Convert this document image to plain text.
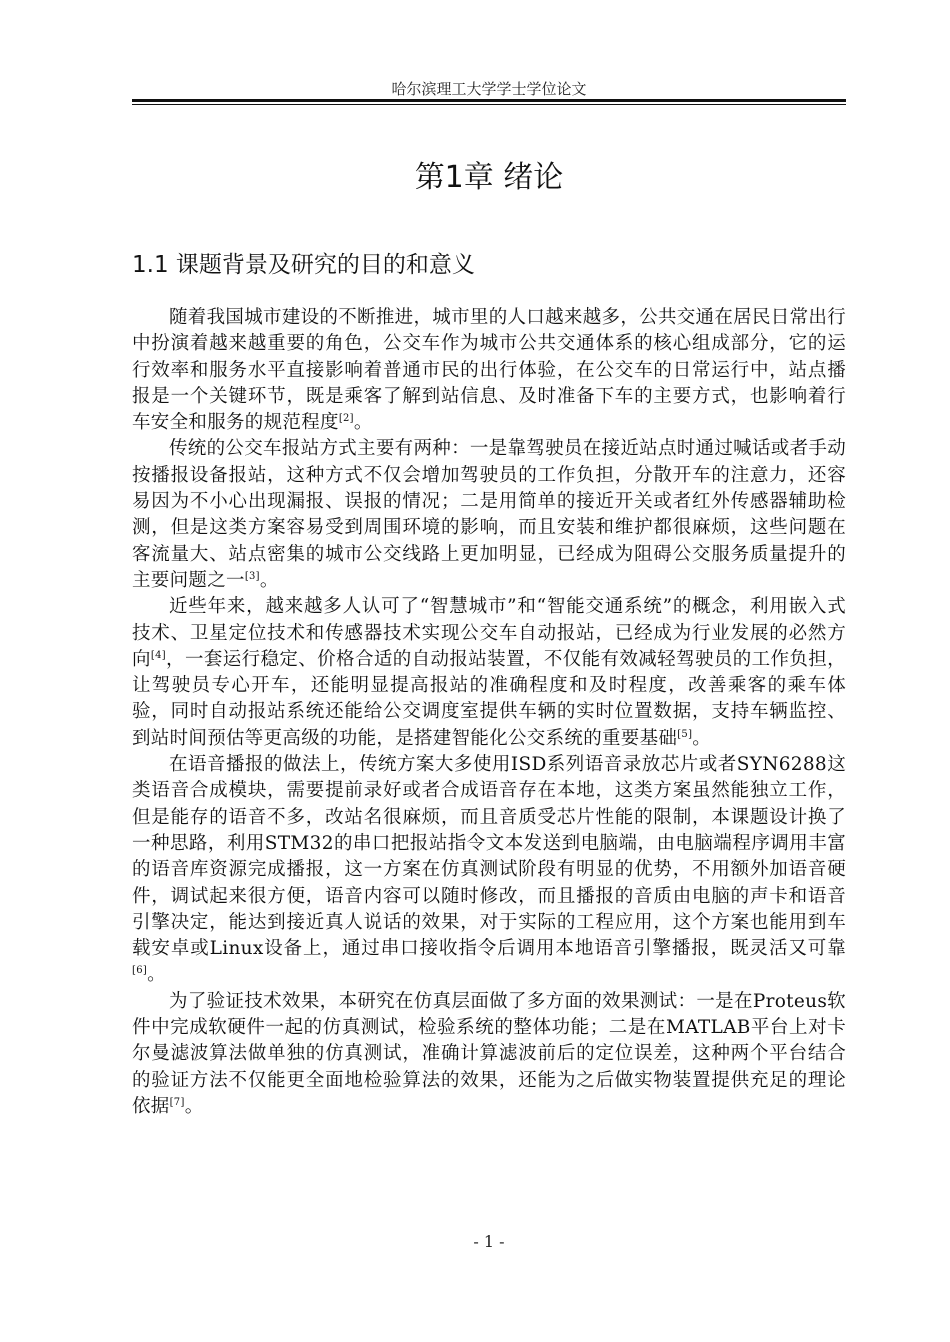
哈尔滨理工大学学士学位论文
第1章 绪论
1.1 课题背景及研究的目的和意义

随着我国城市建设的不断推进，城市里的人口越来越多，公共交通在居民日常出行中扮演着越来越重要的角色，公交车作为城市公共交通体系的核心组成部分，它的运行效率和服务水平直接影响着普通市民的出行体验，在公交车的日常运行中，站点播报是一个关键环节，既是乘客了解到站信息、及时准备下车的主要方式，也影响着行车安全和服务的规范程度[2]。

传统的公交车报站方式主要有两种：一是靠驾驶员在接近站点时通过喊话或者手动按播报设备报站，这种方式不仅会增加驾驶员的工作负担，分散开车的注意力，还容易因为不小心出现漏报、误报的情况；二是用简单的接近开关或者红外传感器辅助检测，但是这类方案容易受到周围环境的影响，而且安装和维护都很麻烦，这些问题在客流量大、站点密集的城市公交线路上更加明显，已经成为阻碍公交服务质量提升的主要问题之一[3]。

近些年来，越来越多人认可了“智慧城市”和“智能交通系统”的概念，利用嵌入式技术、卫星定位技术和传感器技术实现公交车自动报站，已经成为行业发展的必然方向[4]，一套运行稳定、价格合适的自动报站装置，不仅能有效减轻驾驶员的工作负担，让驾驶员专心开车，还能明显提高报站的准确程度和及时程度，改善乘客的乘车体验，同时自动报站系统还能给公交调度室提供车辆的实时位置数据，支持车辆监控、到站时间预估等更高级的功能，是搭建智能化公交系统的重要基础[5]。

在语音播报的做法上，传统方案大多使用ISD系列语音录放芯片或者SYN6288这类语音合成模块，需要提前录好或者合成语音存在本地，这类方案虽然能独立工作，但是能存的语音不多，改站名很麻烦，而且音质受芯片性能的限制，本课题设计换了一种思路，利用STM32的串口把报站指令文本发送到电脑端，由电脑端程序调用丰富的语音库资源完成播报，这一方案在仿真测试阶段有明显的优势，不用额外加语音硬件，调试起来很方便，语音内容可以随时修改，而且播报的音质由电脑的声卡和语音引擎决定，能达到接近真人说话的效果，对于实际的工程应用，这个方案也能用到车载安卓或Linux设备上，通过串口接收指令后调用本地语音引擎播报，既灵活又可靠[6]。

为了验证技术效果，本研究在仿真层面做了多方面的效果测试：一是在Proteus软件中完成软硬件一起的仿真测试，检验系统的整体功能；二是在MATLAB平台上对卡尔曼滤波算法做单独的仿真测试，准确计算滤波前后的定位误差，这种两个平台结合的验证方法不仅能更全面地检验算法的效果，还能为之后做实物装置提供充足的理论依据[7]。

- 1 -
